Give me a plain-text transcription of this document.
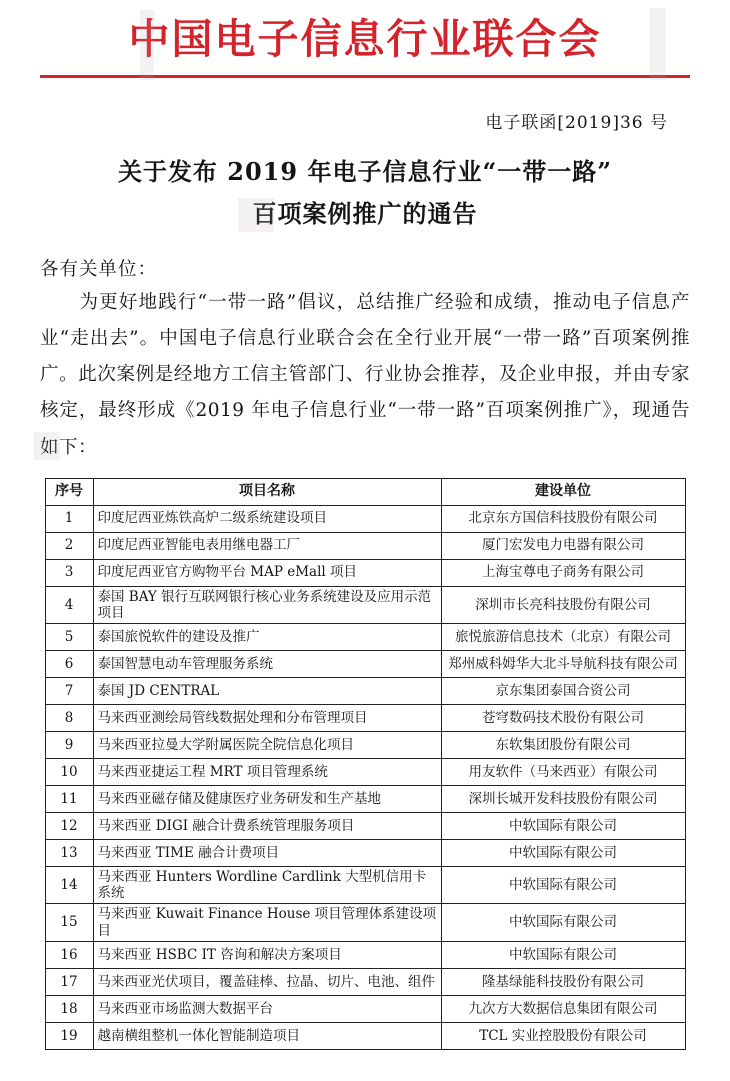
中国电子信息行业联合会
电子联函[2019]36 号
关于发布 2019 年电子信息行业“一带一路”
百项案例推广的通告
各有关单位：
为更好地践行“一带一路”倡议，总结推广经验和成绩，推动电子信息产业“走出去”。中国电子信息行业联合会在全行业开展“一带一路”百项案例推广。此次案例是经地方工信主管部门、行业协会推荐，及企业申报，并由专家核定，最终形成《2019 年电子信息行业“一带一路”百项案例推广》，现通告如下：
序号	项目名称	建设单位
1	印度尼西亚炼铁高炉二级系统建设项目	北京东方国信科技股份有限公司
2	印度尼西亚智能电表用继电器工厂	厦门宏发电力电器有限公司
3	印度尼西亚官方购物平台 MAP eMall 项目	上海宝尊电子商务有限公司
4	泰国 BAY 银行互联网银行核心业务系统建设及应用示范项目	深圳市长亮科技股份有限公司
5	泰国旅悦软件的建设及推广	旅悦旅游信息技术（北京）有限公司
6	泰国智慧电动车管理服务系统	郑州威科姆华大北斗导航科技有限公司
7	泰国 JD CENTRAL	京东集团泰国合资公司
8	马来西亚测绘局管线数据处理和分布管理项目	苍穹数码技术股份有限公司
9	马来西亚拉曼大学附属医院全院信息化项目	东软集团股份有限公司
10	马来西亚捷运工程 MRT 项目管理系统	用友软件（马来西亚）有限公司
11	马来西亚磁存储及健康医疗业务研发和生产基地	深圳长城开发科技股份有限公司
12	马来西亚 DIGI 融合计费系统管理服务项目	中软国际有限公司
13	马来西亚 TIME 融合计费项目	中软国际有限公司
14	马来西亚 Hunters Wordline Cardlink 大型机信用卡系统	中软国际有限公司
15	马来西亚 Kuwait Finance House 项目管理体系建设项目	中软国际有限公司
16	马来西亚 HSBC IT 咨询和解决方案项目	中软国际有限公司
17	马来西亚光伏项目，覆盖硅棒、拉晶、切片、电池、组件	隆基绿能科技股份有限公司
18	马来西亚市场监测大数据平台	九次方大数据信息集团有限公司
19	越南横组整机一体化智能制造项目	TCL 实业控股股份有限公司
